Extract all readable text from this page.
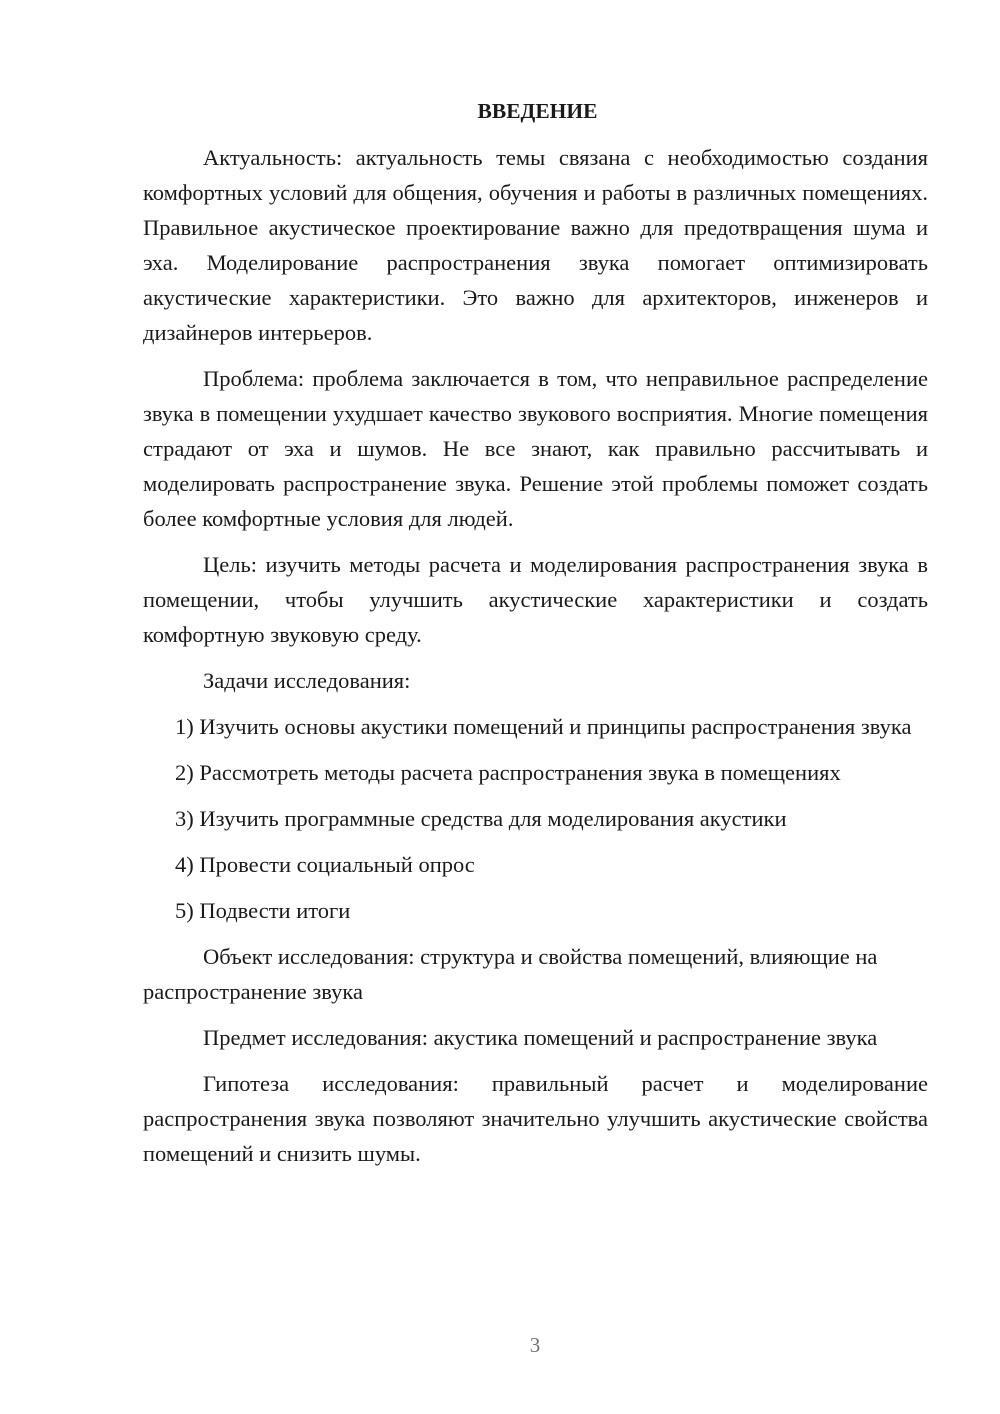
ВВЕДЕНИЕ

Актуальность: актуальность темы связана с необходимостью создания комфортных условий для общения, обучения и работы в различных помещениях. Правильное акустическое проектирование важно для предотвращения шума и эха. Моделирование распространения звука помогает оптимизировать акустические характеристики. Это важно для архитекторов, инженеров и дизайнеров интерьеров.

Проблема: проблема заключается в том, что неправильное распределение звука в помещении ухудшает качество звукового восприятия. Многие помещения страдают от эха и шумов. Не все знают, как правильно рассчитывать и моделировать распространение звука. Решение этой проблемы поможет создать более комфортные условия для людей.

Цель: изучить методы расчета и моделирования распространения звука в помещении, чтобы улучшить акустические характеристики и создать комфортную звуковую среду.

Задачи исследования:

1) Изучить основы акустики помещений и принципы распространения звука

2) Рассмотреть методы расчета распространения звука в помещениях

3) Изучить программные средства для моделирования акустики

4) Провести социальный опрос

5) Подвести итоги

Объект исследования: структура и свойства помещений, влияющие на распространение звука

Предмет исследования: акустика помещений и распространение звука

Гипотеза исследования: правильный расчет и моделирование распространения звука позволяют значительно улучшить акустические свойства помещений и снизить шумы.

3
